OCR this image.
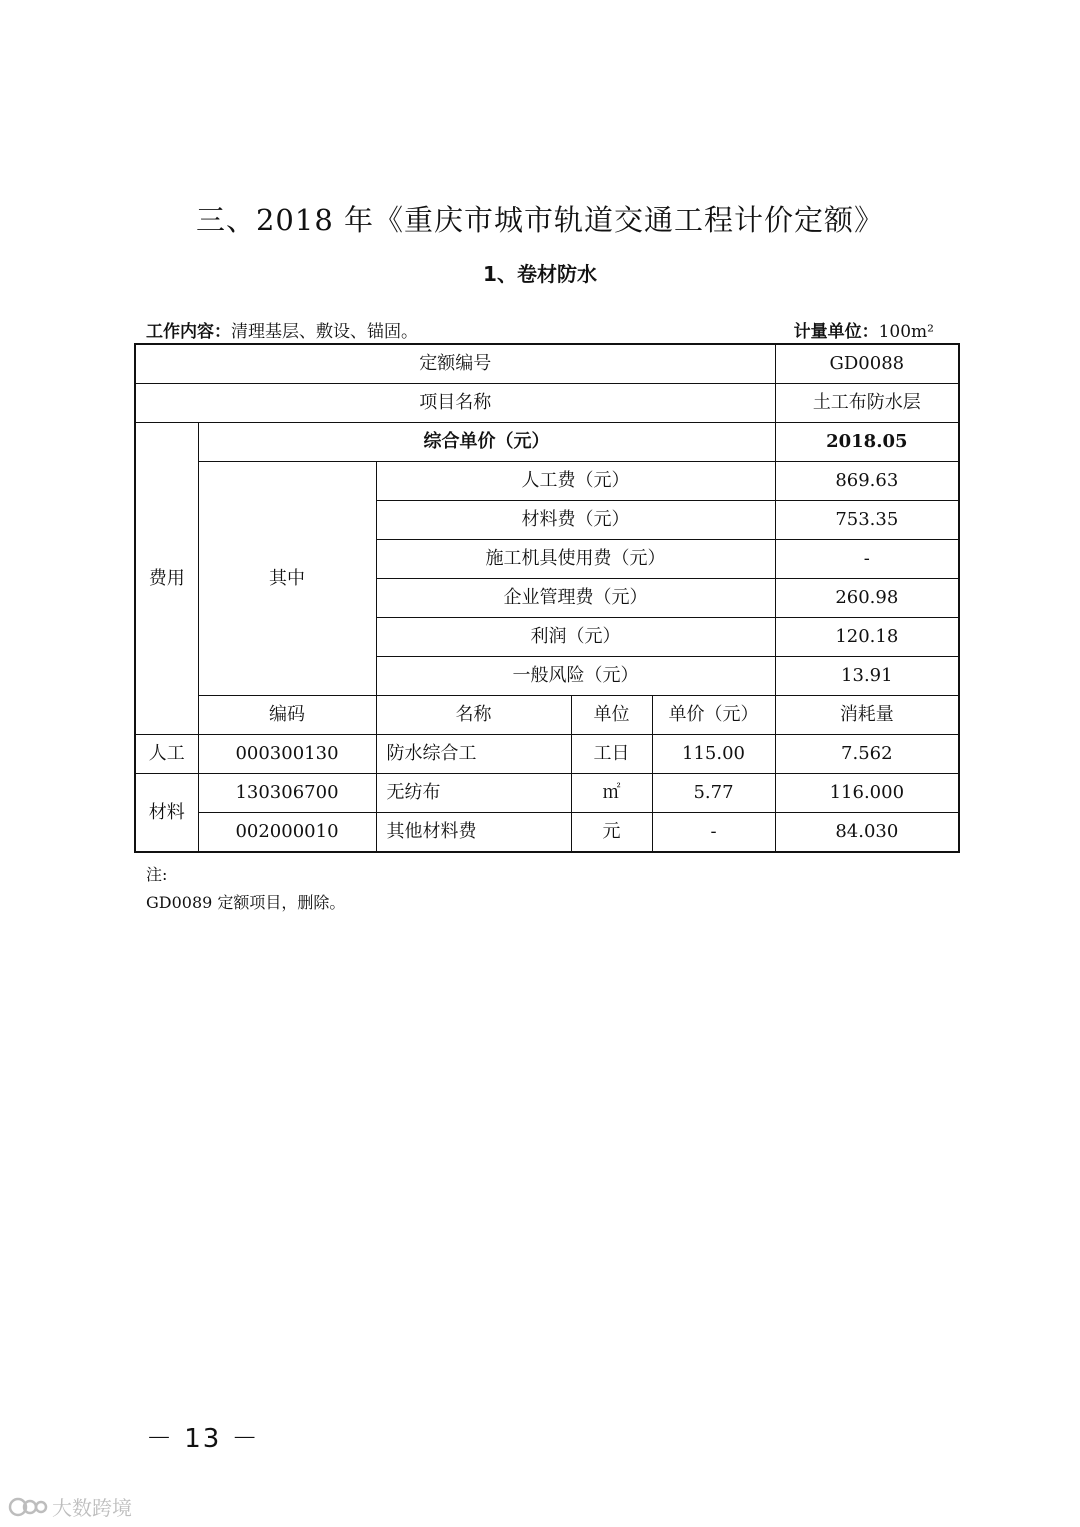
三、2018 年《重庆市城市轨道交通工程计价定额》
1、卷材防水
工作内容：清理基层、敷设、锚固。	计量单位：100m²
定额编号					GD0088
项目名称					土工布防水层
费用	综合单价（元）				2018.05
	其中	人工费（元）			869.63
		材料费（元）			753.35
		施工机具使用费（元）			-
		企业管理费（元）			260.98
		利润（元）			120.18
		一般风险（元）			13.91
	编码	名称	单位	单价（元）	消耗量
人工	000300130	防水综合工	工日	115.00	7.562
材料	130306700	无纺布	㎡	5.77	116.000
	002000010	其他材料费	元	-	84.030
注:
GD0089 定额项目，删除。
－ 13 －
大数跨境
